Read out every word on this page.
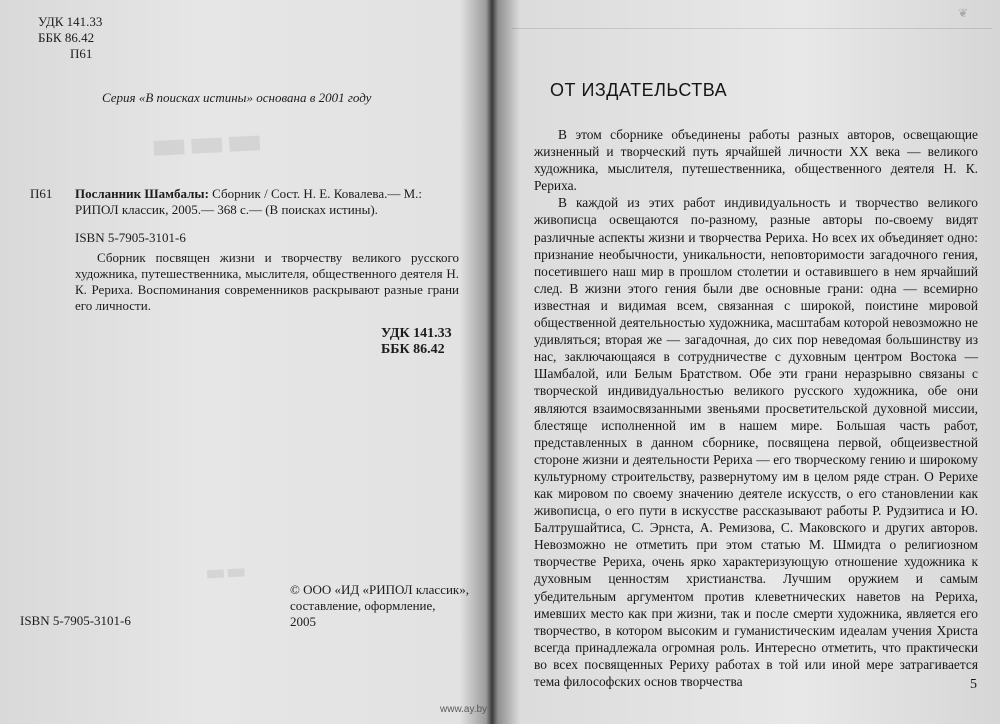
▬▬▬
▬▬
УДК 141.33
ББК 86.42
П61
Серия «В поисках истины» основана в 2001 году
П61	Посланник Шамбалы: Сборник / Сост. Н. Е. Ковалева.— М.:
РИПОЛ классик, 2005.— 368 с.— (В поисках истины).
ISBN 5-7905-3101-6
Сборник посвящен жизни и творчеству великого русского художника, путешественника, мыслителя, общественного деятеля Н. К. Рериха. Воспоминания современников раскрывают разные грани его личности.
УДК 141.33
ББК 86.42
© ООО «ИД «РИПОЛ классик»,
составление, оформление,
2005
ISBN 5-7905-3101-6
❦
ОТ ИЗДАТЕЛЬСТВА

В этом сборнике объединены работы разных авторов, освещающие жизненный и творческий путь ярчайшей личности XX века — великого художника, мыслителя, путешественника, общественного деятеля Н. К. Рериха.

В каждой из этих работ индивидуальность и творчество великого живописца освещаются по-разному, разные авторы по-своему видят различные аспекты жизни и творчества Рериха. Но всех их объединяет одно: признание необычности, уникальности, неповторимости загадочного гения, посетившего наш мир в прошлом столетии и оставившего в нем ярчайший след. В жизни этого гения были две основные грани: одна — всемирно известная и видимая всем, связанная с широкой, поистине мировой общественной деятельностью художника, масштабам которой невозможно не удивляться; вторая же — загадочная, до сих пор неведомая большинству из нас, заключающаяся в сотрудничестве с духовным центром Востока — Шамбалой, или Белым Братством. Обе эти грани неразрывно связаны с творческой индивидуальностью великого русского художника, обе они являются взаимосвязанными звеньями просветительской духовной миссии, блестяще исполненной им в нашем мире. Большая часть работ, представленных в данном сборнике, посвящена первой, общеизвестной стороне жизни и деятельности Рериха — его творческому гению и широкому культурному строительству, развернутому им в целом ряде стран. О Рерихе как мировом по своему значению деятеле искусств, о его становлении как живописца, о его пути в искусстве рассказывают работы Р. Рудзитиса и Ю. Балтрушайтиса, С. Эрнста, А. Ремизова, С. Маковского и других авторов. Невозможно не отметить при этом статью М. Шмидта о религиозном творчестве Рериха, очень ярко характеризующую отношение художника к духовным ценностям христианства. Лучшим оружием и самым убедительным аргументом против клеветнических наветов на Рериха, имевших место как при жизни, так и после смерти художника, является его творчество, в котором высоким и гуманистическим идеалам учения Христа всегда принадлежала огромная роль. Интересно отметить, что практически во всех посвященных Рериху работах в той или иной мере затрагивается тема философских основ творчества	5
www.ay.by
